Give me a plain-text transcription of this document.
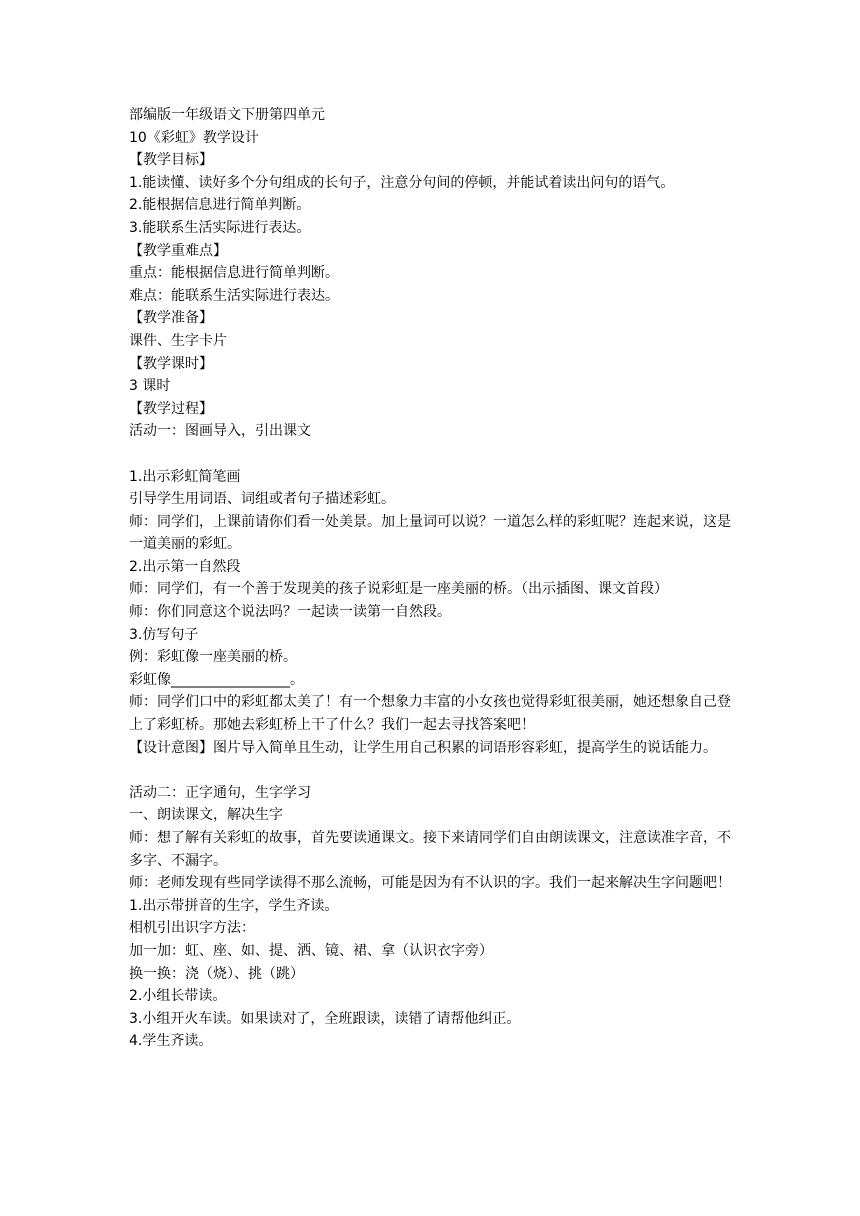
部编版一年级语文下册第四单元
10《彩虹》教学设计
【教学目标】
1.能读懂、读好多个分句组成的长句子，注意分句间的停顿，并能试着读出问句的语气。
2.能根据信息进行简单判断。
3.能联系生活实际进行表达。
【教学重难点】
重点：能根据信息进行简单判断。
难点：能联系生活实际进行表达。
【教学准备】
课件、生字卡片
【教学课时】
3 课时
【教学过程】
活动一：图画导入，引出课文
1.出示彩虹简笔画
引导学生用词语、词组或者句子描述彩虹。
师：同学们，上课前请你们看一处美景。加上量词可以说？一道怎么样的彩虹呢？连起来说，这是一道美丽的彩虹。
2.出示第一自然段
师：同学们，有一个善于发现美的孩子说彩虹是一座美丽的桥。（出示插图、课文首段）
师：你们同意这个说法吗？一起读一读第一自然段。
3.仿写句子
例：彩虹像一座美丽的桥。
彩虹像_________________。
师：同学们口中的彩虹都太美了！有一个想象力丰富的小女孩也觉得彩虹很美丽，她还想象自己登上了彩虹桥。那她去彩虹桥上干了什么？我们一起去寻找答案吧！
【设计意图】图片导入简单且生动，让学生用自己积累的词语形容彩虹，提高学生的说话能力。
活动二：正字通句，生字学习
一、朗读课文，解决生字
师：想了解有关彩虹的故事，首先要读通课文。接下来请同学们自由朗读课文，注意读准字音，不多字、不漏字。
师：老师发现有些同学读得不那么流畅，可能是因为有不认识的字。我们一起来解决生字问题吧！
1.出示带拼音的生字，学生齐读。
相机引出识字方法：
加一加：虹、座、如、提、洒、镜、裙、拿（认识衣字旁）
换一换：浇（烧）、挑（跳）
2.小组长带读。
3.小组开火车读。如果读对了，全班跟读，读错了请帮他纠正。
4.学生齐读。
